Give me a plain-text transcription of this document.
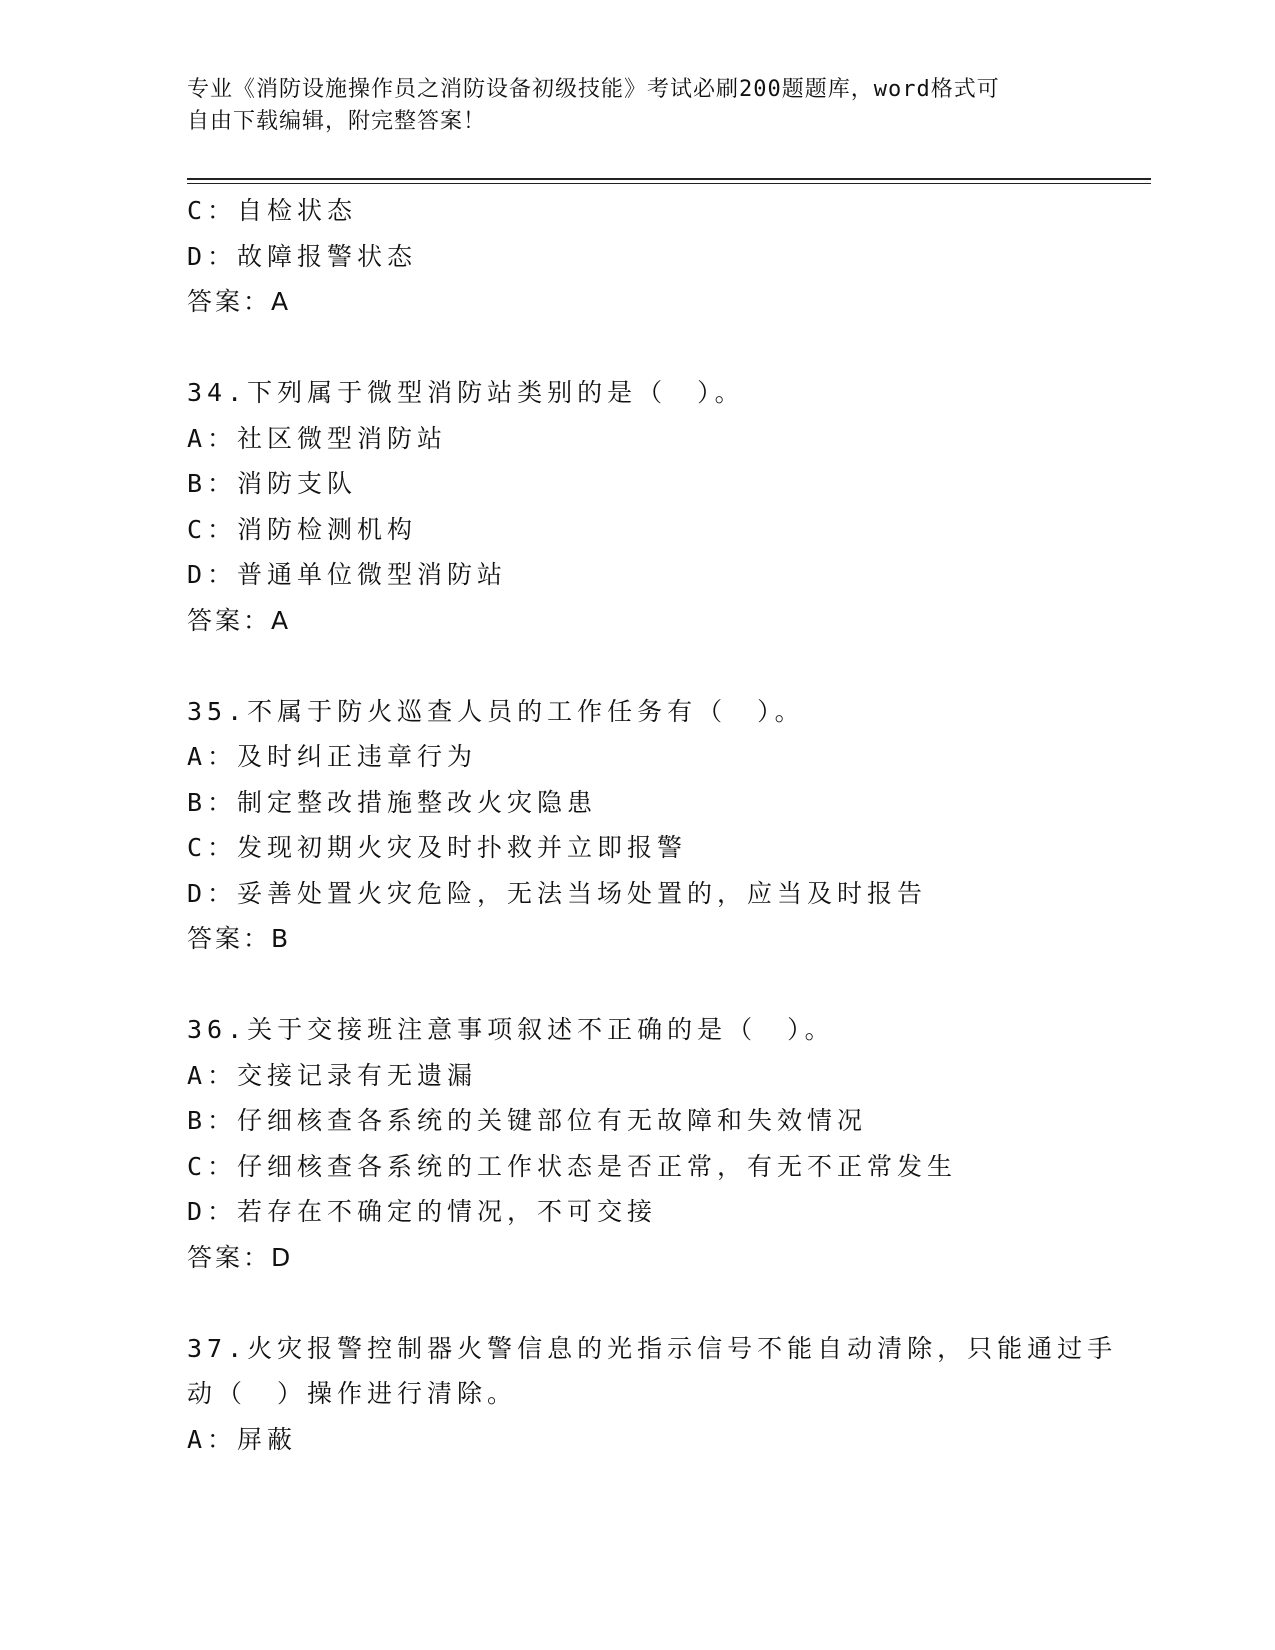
专业《消防设施操作员之消防设备初级技能》考试必刷200题题库，word格式可
自由下载编辑，附完整答案！
C：自检状态
D：故障报警状态
答案：A
34.下列属于微型消防站类别的是（　）。
A：社区微型消防站
B：消防支队
C：消防检测机构
D：普通单位微型消防站
答案：A
35.不属于防火巡查人员的工作任务有（　）。
A：及时纠正违章行为
B：制定整改措施整改火灾隐患
C：发现初期火灾及时扑救并立即报警
D：妥善处置火灾危险，无法当场处置的，应当及时报告
答案：B
36.关于交接班注意事项叙述不正确的是（　）。
A：交接记录有无遗漏
B：仔细核查各系统的关键部位有无故障和失效情况
C：仔细核查各系统的工作状态是否正常，有无不正常发生
D：若存在不确定的情况，不可交接
答案：D
37.火灾报警控制器火警信息的光指示信号不能自动清除，只能通过手
动（　）操作进行清除。
A：屏蔽
